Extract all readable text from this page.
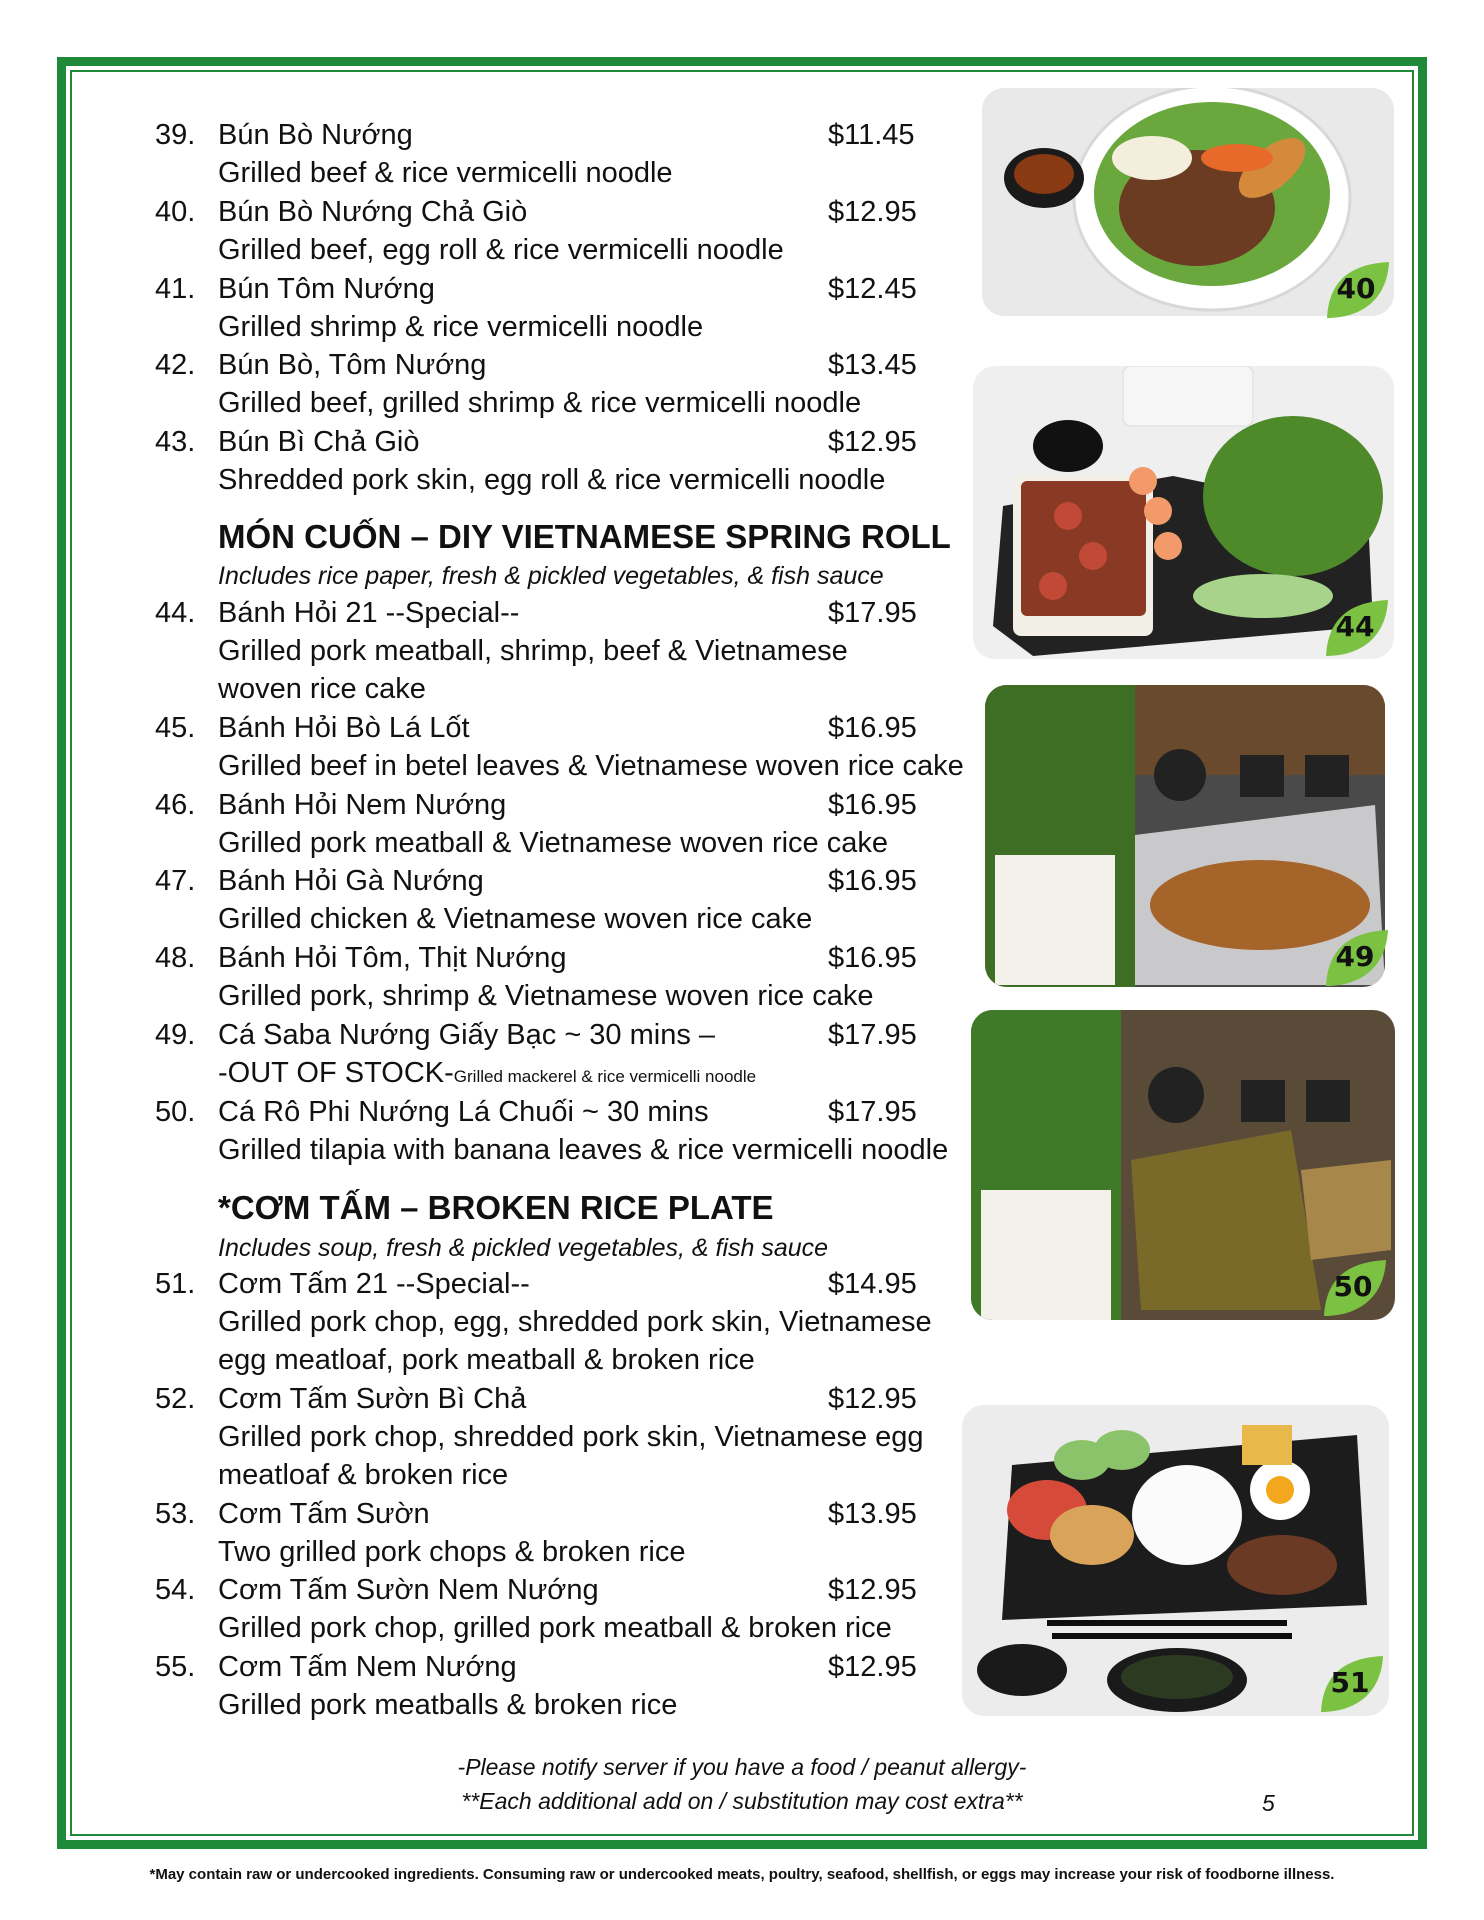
39. Bún Bò Nướng	$11.45
Grilled beef & rice vermicelli noodle
40. Bún Bò Nướng Chả Giò	$12.95
Grilled beef, egg roll & rice vermicelli noodle
41. Bún Tôm Nướng	$12.45
Grilled shrimp & rice vermicelli noodle
42. Bún Bò, Tôm Nướng	$13.45
Grilled beef, grilled shrimp & rice vermicelli noodle
43. Bún Bì Chả Giò	$12.95
Shredded pork skin, egg roll & rice vermicelli noodle
MÓN CUỐN – DIY VIETNAMESE SPRING ROLL
Includes rice paper, fresh & pickled vegetables, & fish sauce
44. Bánh Hỏi 21 --Special--	$17.95
Grilled pork meatball, shrimp, beef & Vietnamese
woven rice cake
45. Bánh Hỏi Bò Lá Lốt	$16.95
Grilled beef in betel leaves & Vietnamese woven rice cake
46. Bánh Hỏi Nem Nướng	$16.95
Grilled pork meatball & Vietnamese woven rice cake
47. Bánh Hỏi Gà Nướng	$16.95
Grilled chicken & Vietnamese woven rice cake
48. Bánh Hỏi Tôm, Thịt Nướng	$16.95
Grilled pork, shrimp & Vietnamese woven rice cake
49. Cá Saba Nướng Giấy Bạc ~ 30 mins –	$17.95
-OUT OF STOCK-Grilled mackerel & rice vermicelli noodle
50. Cá Rô Phi Nướng Lá Chuối ~ 30 mins	$17.95
Grilled tilapia with banana leaves & rice vermicelli noodle
*CƠM TẤM – BROKEN RICE PLATE
Includes soup, fresh & pickled vegetables, & fish sauce
51. Cơm Tấm 21 --Special--	$14.95
Grilled pork chop, egg, shredded pork skin, Vietnamese
egg meatloaf, pork meatball & broken rice
52. Cơm Tấm Sườn Bì Chả	$12.95
Grilled pork chop, shredded pork skin, Vietnamese egg
meatloaf & broken rice
53. Cơm Tấm Sườn	$13.95
Two grilled pork chops & broken rice
54. Cơm Tấm Sườn Nem Nướng	$12.95
Grilled pork chop, grilled pork meatball & broken rice
55. Cơm Tấm Nem Nướng	$12.95
Grilled pork meatballs & broken rice
40
44
49
50
51
-Please notify server if you have a food / peanut allergy-
**Each additional add on / substitution may cost extra**	5
*May contain raw or undercooked ingredients. Consuming raw or undercooked meats, poultry, seafood, shellfish, or eggs may increase your risk of foodborne illness.
